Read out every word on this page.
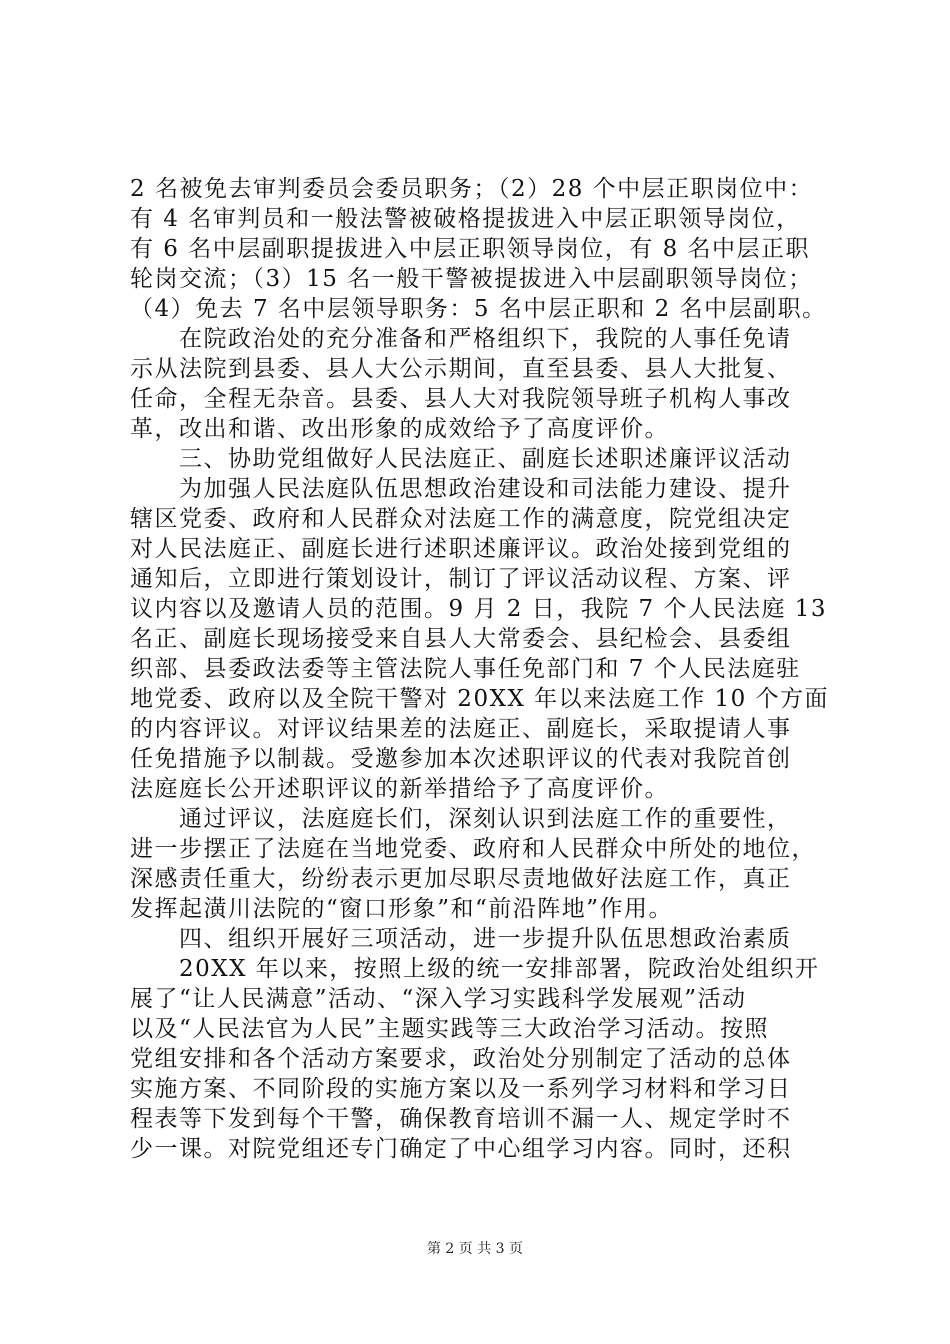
2 名被免去审判委员会委员职务；（2）28 个中层正职岗位中：
有 4 名审判员和一般法警被破格提拔进入中层正职领导岗位，
有 6 名中层副职提拔进入中层正职领导岗位，有 8 名中层正职
轮岗交流；（3）15 名一般干警被提拔进入中层副职领导岗位；
（4）免去 7 名中层领导职务：5 名中层正职和 2 名中层副职。
　　在院政治处的充分准备和严格组织下，我院的人事任免请
示从法院到县委、县人大公示期间，直至县委、县人大批复、
任命，全程无杂音。县委、县人大对我院领导班子机构人事改
革，改出和谐、改出形象的成效给予了高度评价。
　　三、协助党组做好人民法庭正、副庭长述职述廉评议活动
　　为加强人民法庭队伍思想政治建设和司法能力建设、提升
辖区党委、政府和人民群众对法庭工作的满意度，院党组决定
对人民法庭正、副庭长进行述职述廉评议。政治处接到党组的
通知后，立即进行策划设计，制订了评议活动议程、方案、评
议内容以及邀请人员的范围。9 月 2 日，我院 7 个人民法庭 13
名正、副庭长现场接受来自县人大常委会、县纪检会、县委组
织部、县委政法委等主管法院人事任免部门和 7 个人民法庭驻
地党委、政府以及全院干警对 20XX 年以来法庭工作 10 个方面
的内容评议。对评议结果差的法庭正、副庭长，采取提请人事
任免措施予以制裁。受邀参加本次述职评议的代表对我院首创
法庭庭长公开述职评议的新举措给予了高度评价。
　　通过评议，法庭庭长们，深刻认识到法庭工作的重要性，
进一步摆正了法庭在当地党委、政府和人民群众中所处的地位，
深感责任重大，纷纷表示更加尽职尽责地做好法庭工作，真正
发挥起潢川法院的“窗口形象”和“前沿阵地”作用。
　　四、组织开展好三项活动，进一步提升队伍思想政治素质
　　20XX 年以来，按照上级的统一安排部署，院政治处组织开
展了“让人民满意”活动、“深入学习实践科学发展观”活动
以及“人民法官为人民”主题实践等三大政治学习活动。按照
党组安排和各个活动方案要求，政治处分别制定了活动的总体
实施方案、不同阶段的实施方案以及一系列学习材料和学习日
程表等下发到每个干警，确保教育培训不漏一人、规定学时不
少一课。对院党组还专门确定了中心组学习内容。同时，还积
第 2 页 共 3 页
